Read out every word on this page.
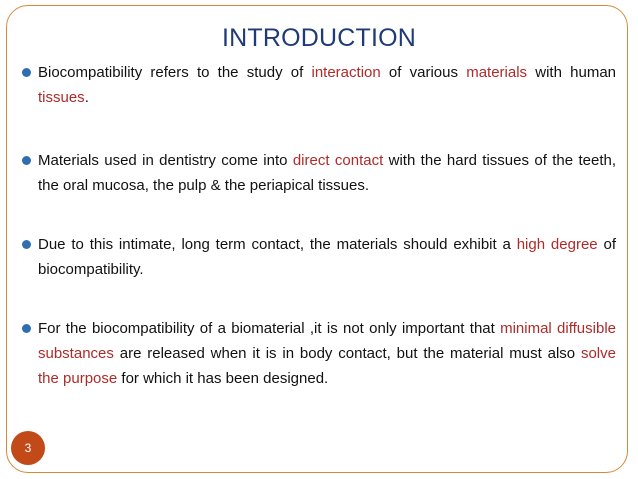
INTRODUCTION
Biocompatibility refers to the study of interaction of various materials with human tissues.
Materials used in dentistry come into direct contact with the hard tissues of the teeth, the oral mucosa, the pulp & the periapical tissues.
Due to this intimate, long term contact, the materials should exhibit a high degree of biocompatibility.
For the biocompatibility of a biomaterial ,it is not only important that minimal diffusible substances are released when it is in body contact, but the material must also solve the purpose for which it has been designed.
3
